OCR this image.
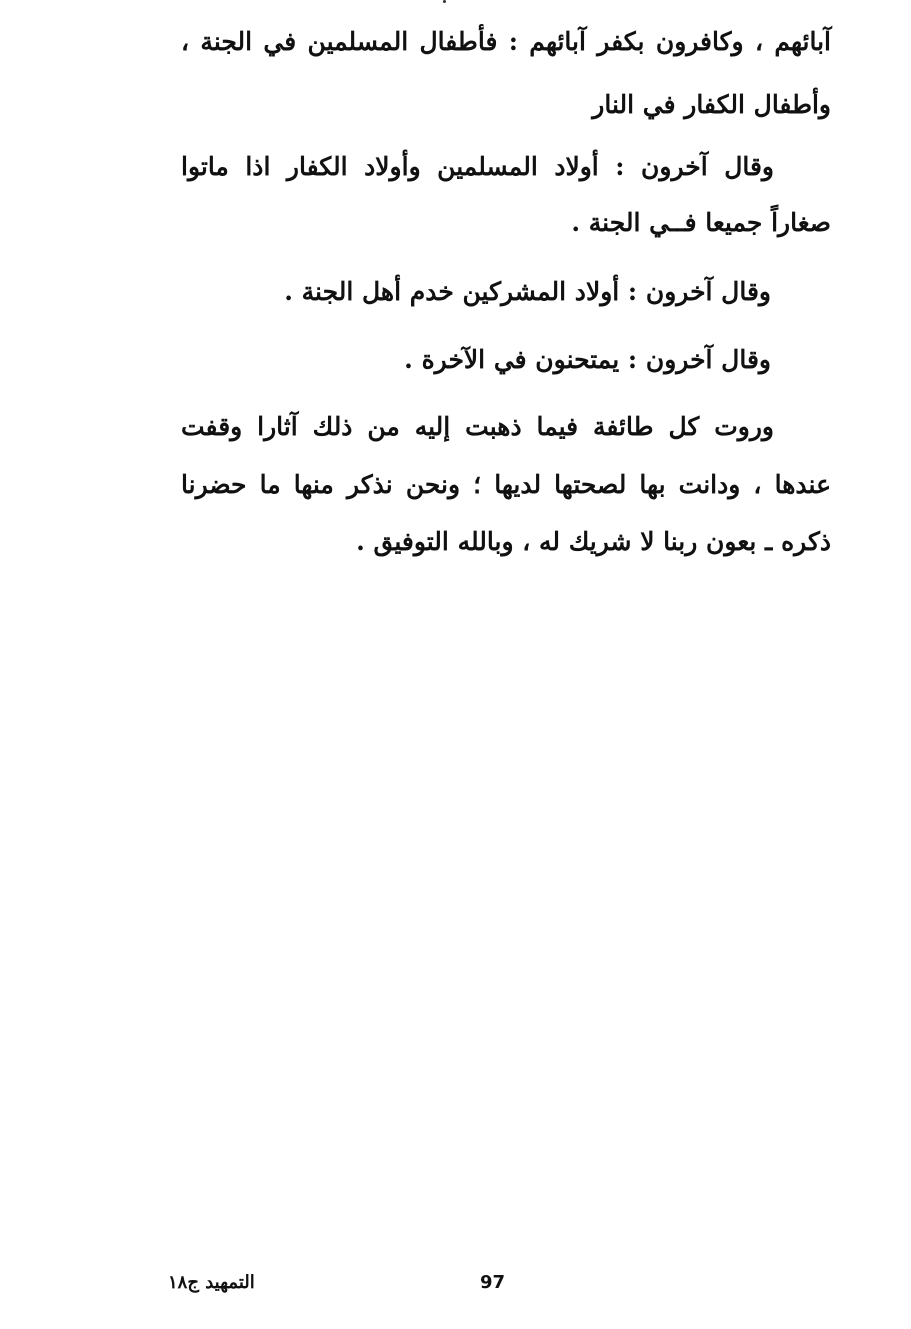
آبائهم ، وكافرون بكفر آبائهم : فأطفال المسلمين في الجنة ،
وأطفال الكفار في النار
وقال آخرون : أولاد المسلمين وأولاد الكفار اذا ماتوا
صغاراً جميعا فــي الجنة .
وقال آخرون : أولاد المشركين خدم أهل الجنة .
وقال آخرون : يمتحنون في الآخرة .
وروت كل طائفة فيما ذهبت إليه من ذلك آثارا وقفت
عندها ، ودانت بها لصحتها لديها ؛ ونحن نذكر منها ما حضرنا
ذكره ـ بعون ربنا لا شريك له ، وبالله التوفيق .
التمهيد ج١٨	97
